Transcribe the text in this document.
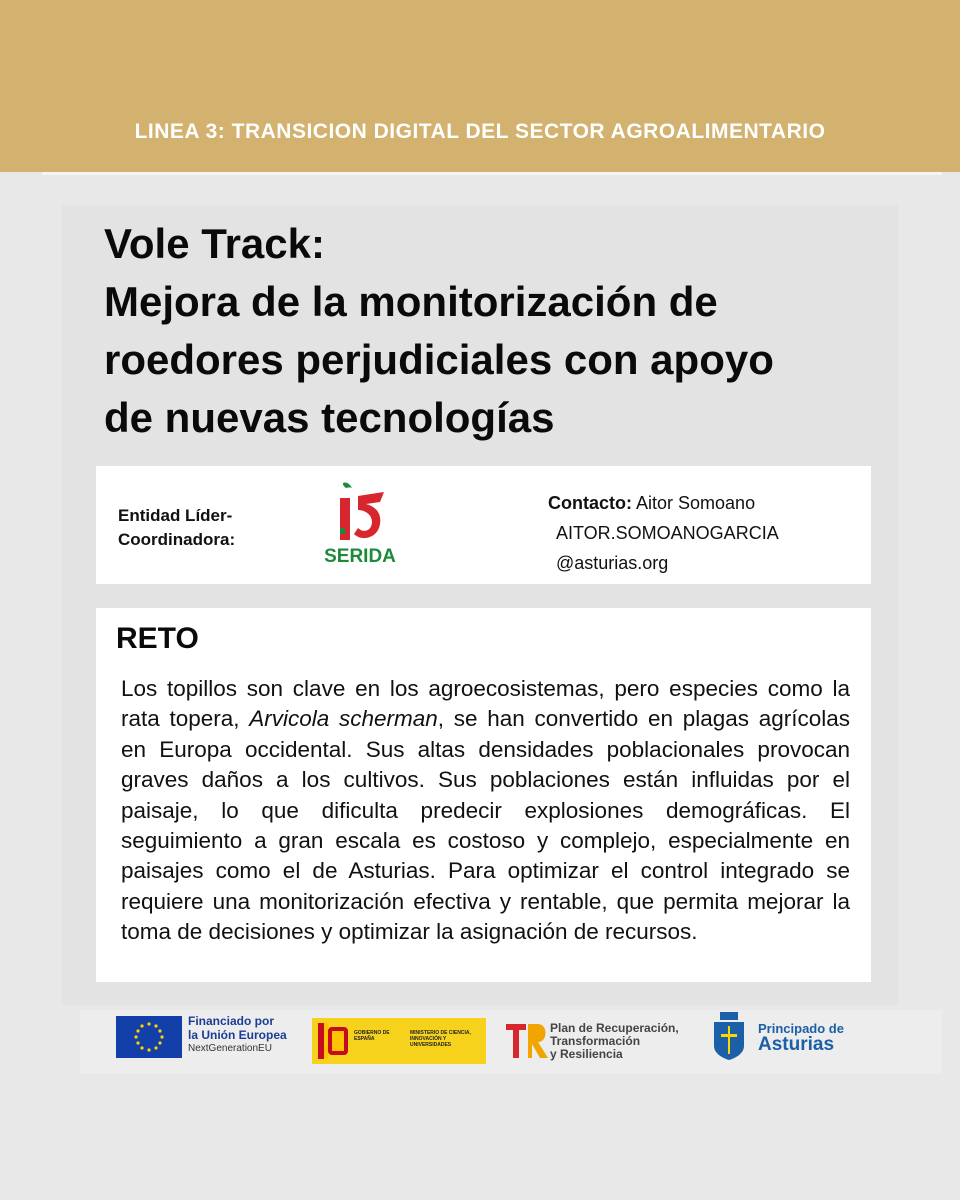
LINEA 3: TRANSICION DIGITAL DEL SECTOR AGROALIMENTARIO
Vole Track:
Mejora de la monitorización de
roedores perjudiciales con apoyo
de nuevas tecnologías
Entidad Líder-
Coordinadora:
SERIDA
Contacto: Aitor Somoano
AITOR.SOMOANOGARCIA
@asturias.org
RETO
Los topillos son clave en los agroecosistemas, pero especies como la rata topera, Arvicola scherman, se han convertido en plagas agrícolas en Europa occidental. Sus altas densidades poblacionales provocan graves daños a los cultivos. Sus poblaciones están influidas por el paisaje, lo que dificulta predecir explosiones demográficas. El seguimiento a gran escala es costoso y complejo, especialmente en paisajes como el de Asturias. Para optimizar el control integrado se requiere una monitorización efectiva y rentable, que permita mejorar la toma de decisiones y optimizar la asignación de recursos.
Financiado por
la Unión Europea
NextGenerationEU
GOBIERNO DE ESPAÑA
MINISTERIO DE CIENCIA, INNOVACIÓN Y UNIVERSIDADES
Plan de Recuperación,
Transformación
y Resiliencia
Principado de
Asturias
